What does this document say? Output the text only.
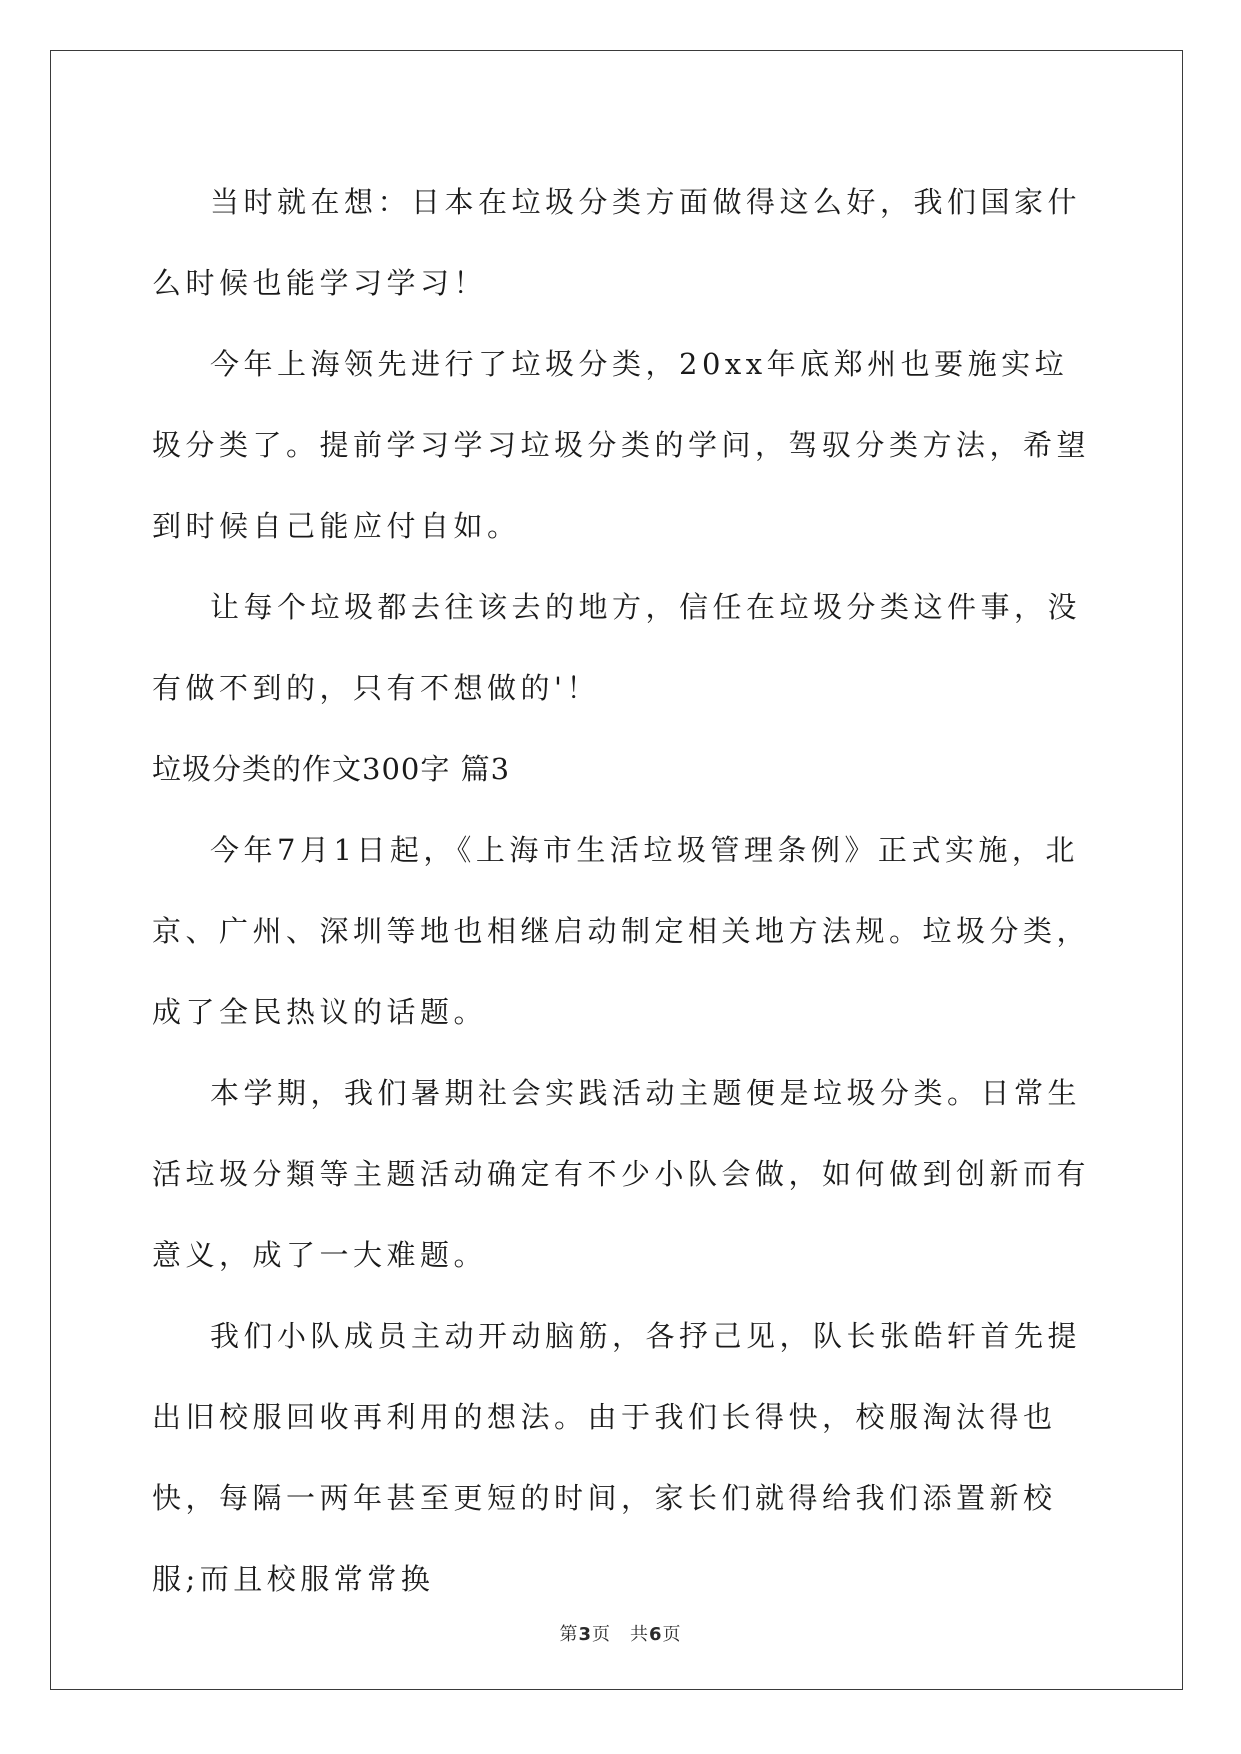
当时就在想：日本在垃圾分类方面做得这么好，我们国家什么时候也能学习学习！

今年上海领先进行了垃圾分类，20xx年底郑州也要施实垃圾分类了。提前学习学习垃圾分类的学问，驾驭分类方法，希望到时候自己能应付自如。

让每个垃圾都去往该去的地方，信任在垃圾分类这件事，没有做不到的，只有不想做的'！

垃圾分类的作文300字 篇3

今年7月1日起，《上海市生活垃圾管理条例》正式实施，北京、广州、深圳等地也相继启动制定相关地方法规。垃圾分类，成了全民热议的话题。

本学期，我们暑期社会实践活动主题便是垃圾分类。日常生活垃圾分類等主题活动确定有不少小队会做，如何做到创新而有意义，成了一大难题。

我们小队成员主动开动脑筋，各抒己见，队长张皓轩首先提出旧校服回收再利用的想法。由于我们长得快，校服淘汰得也快，每隔一两年甚至更短的时间，家长们就得给我们添置新校服;而且校服常常换

第3页　共6页
